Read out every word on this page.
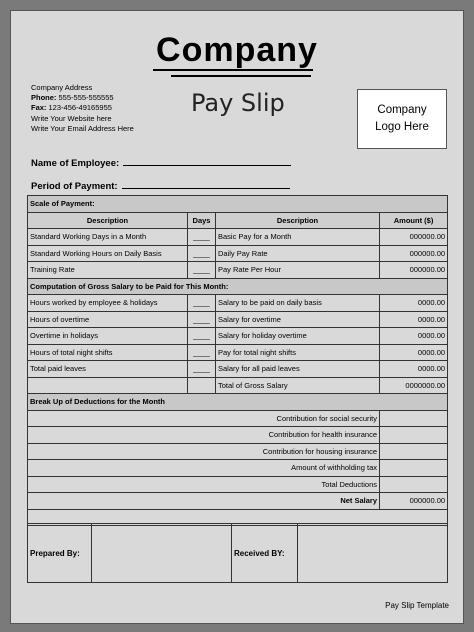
Company
Pay Slip
Company Address
Phone: 555-555-555555
Fax: 123-456-49165955
Write Your Website here
Write Your Email Address Here
Company
Logo Here
Name of Employee:
Period of Payment:
Scale of Payment:			
Description	Days	Description	Amount ($)
Standard Working Days in a Month	____	Basic Pay for a Month	000000.00
Standard Working Hours on Daily Basis	____	Daily Pay Rate	000000.00
Training Rate	____	Pay Rate Per Hour	000000.00
Computation of Gross Salary to be Paid for This Month:			
Hours worked by employee & holidays	____	Salary to be paid on daily basis	0000.00
Hours of overtime	____	Salary for overtime	0000.00
Overtime in holidays	____	Salary for holiday overtime	0000.00
Hours of total night shifts	____	Pay for total night shifts	0000.00
Total paid leaves	____	Salary for all paid leaves	0000.00
		Total of Gross Salary	0000000.00
Break Up of Deductions for the Month			
Contribution for social security			
Contribution for health insurance			
Contribution for housing insurance			
Amount of withholding tax			
Total Deductions			
Net Salary			000000.00

Prepared By:		Received BY:	
Pay Slip Template
